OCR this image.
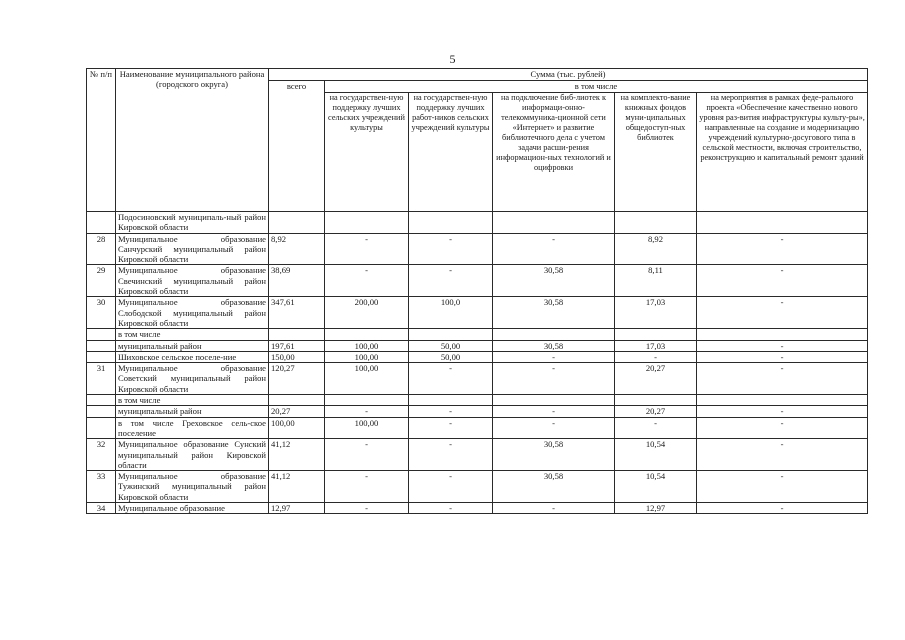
5
№ п/п	Наименование муниципального района (городского округа)	Сумма (тыс. рублей)					
		всего	в том числе				
			на государствен-ную поддержку лучших сельских учреждений культуры	на государствен-ную поддержку лучших работ-ников сельских учреждений культуры	на подключение биб-лиотек к информаци-онно-телекоммуника-ционной сети «Интернет» и развитие библиотечного дела с учетом задачи расши-рения информацион-ных технологий и оцифровки	на комплекто-вание книжных фондов муни-ципальных общедоступ-ных библиотек	на мероприятия в рамках феде-рального проекта «Обеспечение качественно нового уровня раз-вития инфраструктуры культу-ры», направленные на создание и модернизацию учреждений культурно-досугового типа в сельской местности, включая строительство, реконструкцию и капитальный ремонт зданий
	Подосиновский муниципаль-ный район Кировской области						
28	Муниципальное образование Санчурский муниципальный район Кировской области	8,92	-	-	-	8,92	-
29	Муниципальное образование Свечинский муниципальный район Кировской области	38,69	-	-	30,58	8,11	-
30	Муниципальное образование Слободской муниципальный район Кировской области	347,61	200,00	100,0	30,58	17,03	-
	в том числе						
	муниципальный район	197,61	100,00	50,00	30,58	17,03	-
	Шиховское сельское поселе-ние	150,00	100,00	50,00	-	-	-
31	Муниципальное образование Советский муниципальный район Кировской области	120,27	100,00	-	-	20,27	-
	в том числе						
	муниципальный район	20,27	-	-	-	20,27	-
	в том числе Греховское сель-ское поселение	100,00	100,00	-	-	-	-
32	Муниципальное образование Сунский муниципальный район Кировской области	41,12	-	-	30,58	10,54	-
33	Муниципальное образование Тужинский муниципальный район Кировской области	41,12	-	-	30,58	10,54	-
34	Муниципальное образование	12,97	-	-	-	12,97	-
